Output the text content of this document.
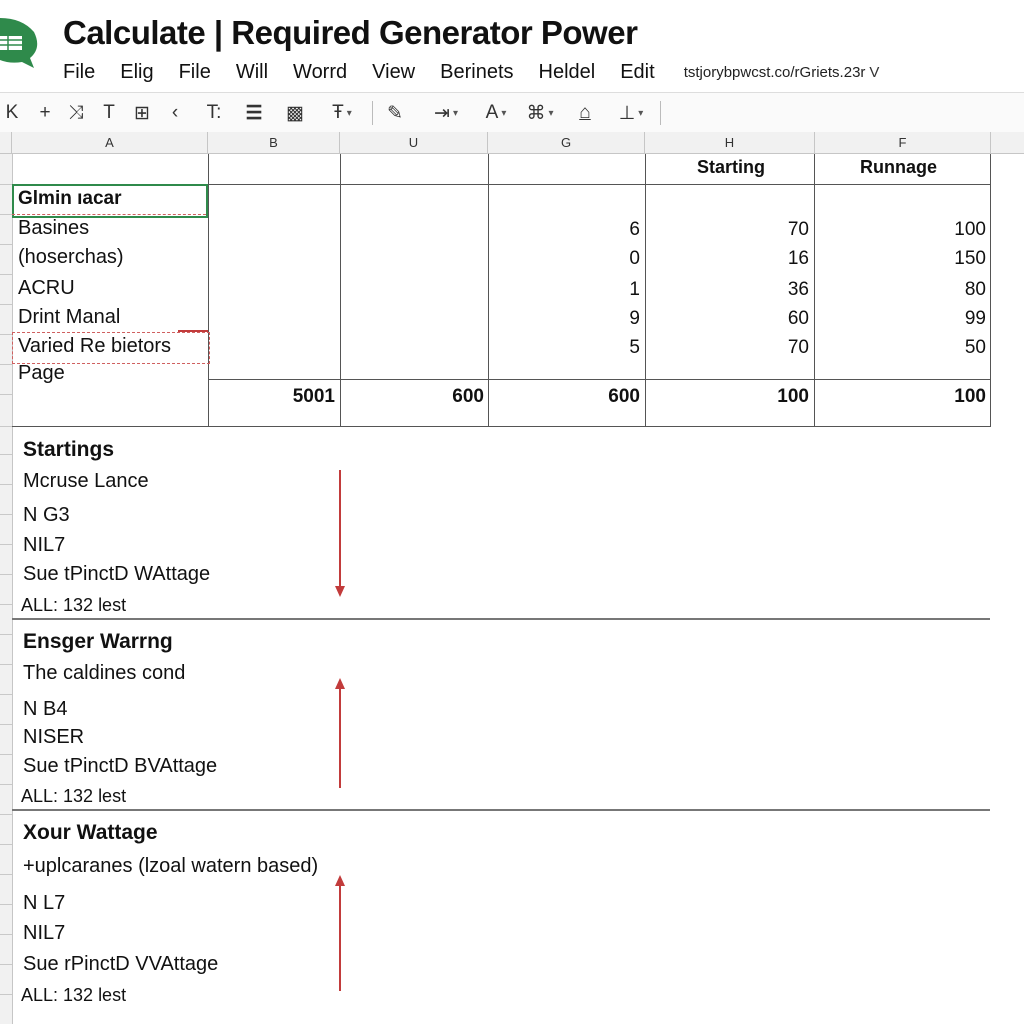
Calculate | Required Generator Power
File Elig File Will Worrd View Berinets Heldel Edit tstjorybpwcst.co/rGriets.23r V
K + ⤨ T ⊞	‹	T:	☰ ▩ Ŧ ▾ ✎ ⇥ ▾ A ▾ ⌘ ▾	⌂	⊥ ▾
A	B	U	G	H	F
Starting	Runnage
Glmin ıacar
Basines	6	70	100
(hoserchas)	0	16	150
ACRU	1	36	80
Drint Manal	9	60	99
Varied Re bietors	5	70	50
Page
5001	600	600	100	100
Startings
Mcruse Lance
N G3
NIL7
Sue tPinctD WAttage
ALL: 132 lest
Ensger Warrng
The caldines cond
N B4
NISER
Sue tPinctD BVAttage
ALL: 132 lest
Xour Wattage
+uplcaranes (lzoal watern based)
N L7
NIL7
Sue rPinctD VVAttage
ALL: 132 lest
